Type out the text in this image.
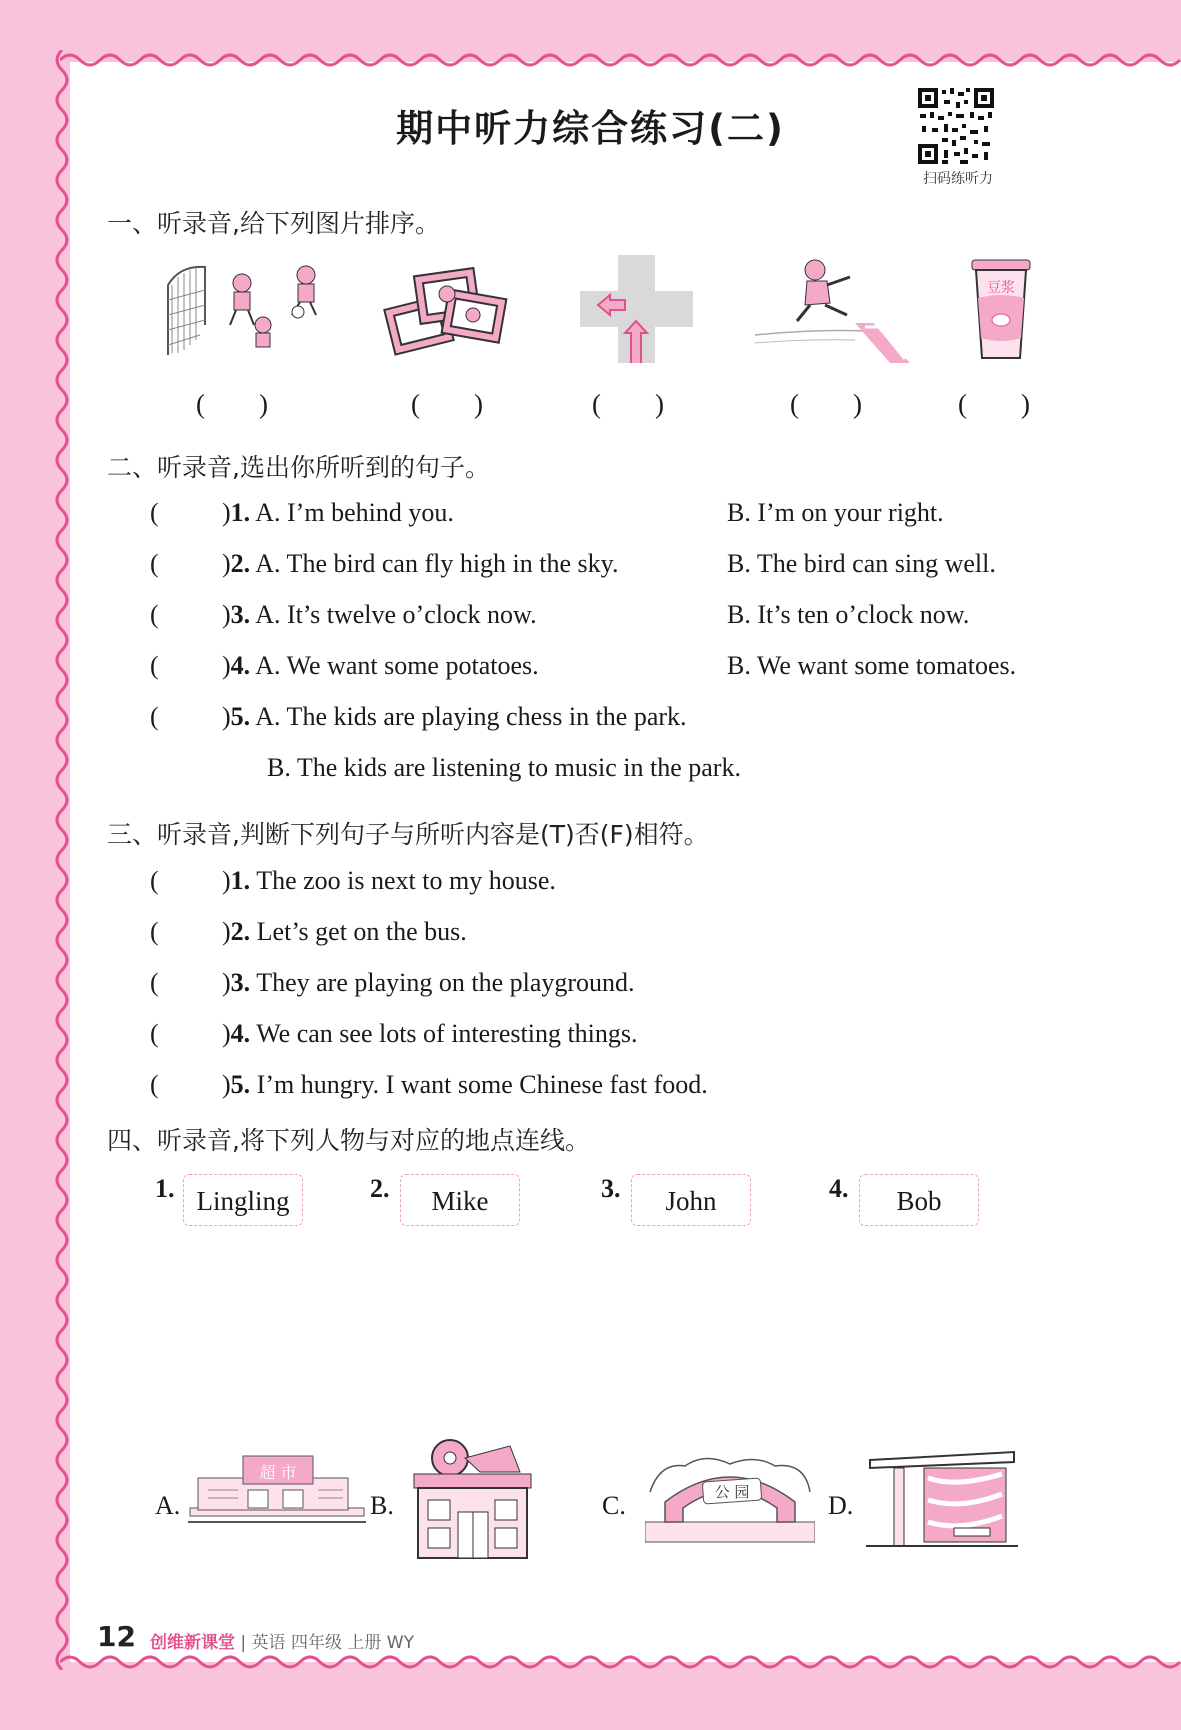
期中听力综合练习(二)
扫码练听力
一、听录音,给下列图片排序。
豆浆
(　　)	(　　)	(　　)	(　　)	(　　)
二、听录音,选出你所听到的句子。
( )1. A. I’m behind you.	B. I’m on your right.
( )2. A. The bird can fly high in the sky.	B. The bird can sing well.
( )3. A. It’s twelve o’clock now.	B. It’s ten o’clock now.
( )4. A. We want some potatoes.	B. We want some tomatoes.
( )5. A. The kids are playing chess in the park.
B. The kids are listening to music in the park.
三、听录音,判断下列句子与所听内容是(T)否(F)相符。
( )1. The zoo is next to my house.
( )2. Let’s get on the bus.
( )3. They are playing on the playground.
( )4. We can see lots of interesting things.
( )5. I’m hungry. I want some Chinese fast food.
四、听录音,将下列人物与对应的地点连线。
1. Lingling	2.	Mike	3.	John	4.	Bob
A.
超 市
B.	C.	公 园	D.
12 创维新课堂 | 英语 四年级 上册 WY
